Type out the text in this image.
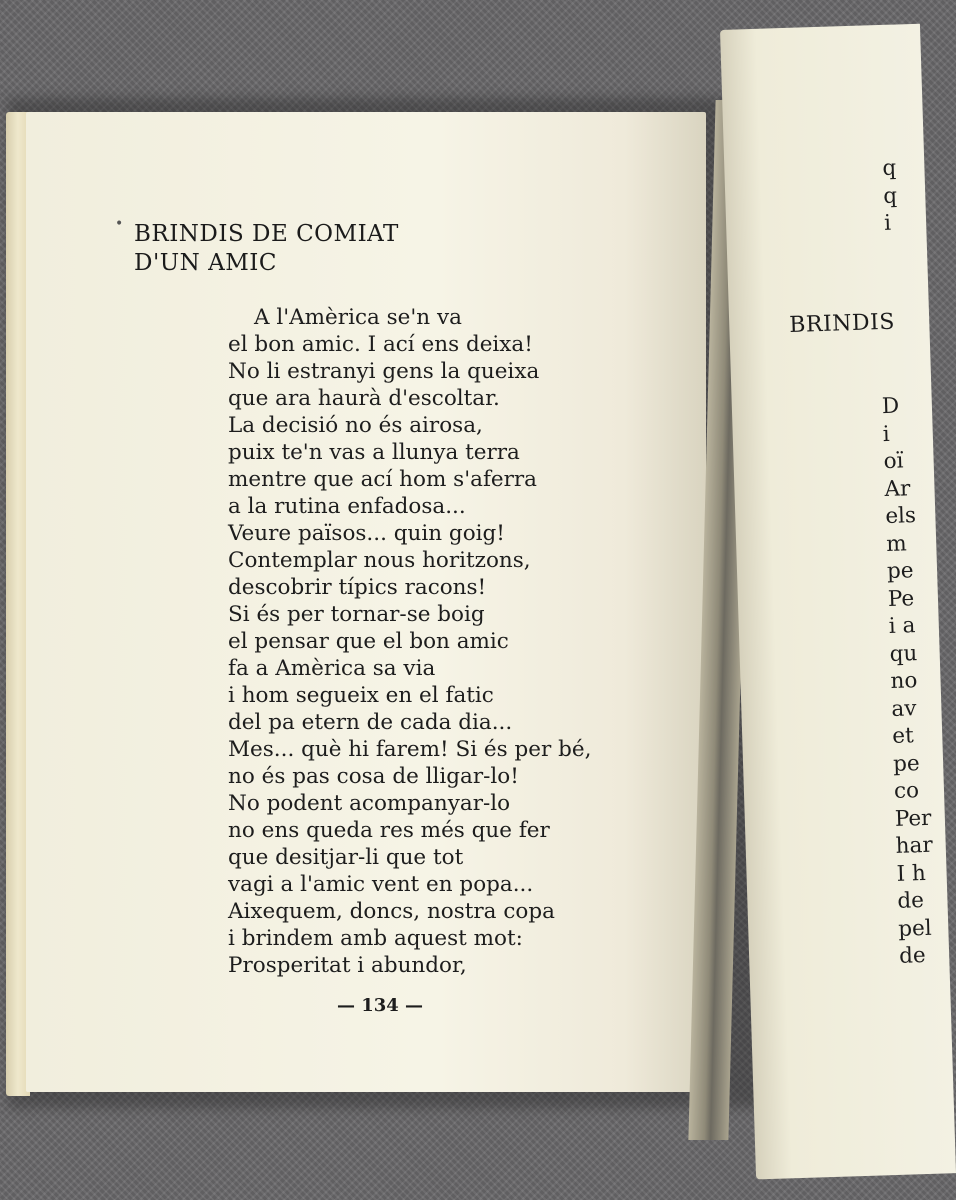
• BRINDIS DE COMIAT
D'UN AMIC
A l'Amèrica se'n va
el bon amic. I ací ens deixa!
No li estranyi gens la queixa
que ara haurà d'escoltar.
La decisió no és airosa,
puix te'n vas a llunya terra
mentre que ací hom s'aferra
a la rutina enfadosa...
Veure països... quin goig!
Contemplar nous horitzons,
descobrir típics racons!
Si és per tornar-se boig
el pensar que el bon amic
fa a Amèrica sa via
i hom segueix en el fatic
del pa etern de cada dia...
Mes... què hi farem! Si és per bé,
no és pas cosa de lligar-lo!
No podent acompanyar-lo
no ens queda res més que fer
que desitjar-li que tot
vagi a l'amic vent en popa...
Aixequem, doncs, nostra copa
i brindem amb aquest mot:
Prosperitat i abundor,
— 134 —
q
q
i
BRINDIS
D
i
oï
Ar
els
m
pe
Pe
i a
qu
no
av
et
pe
co
Per
har
I h
de
pel
de
